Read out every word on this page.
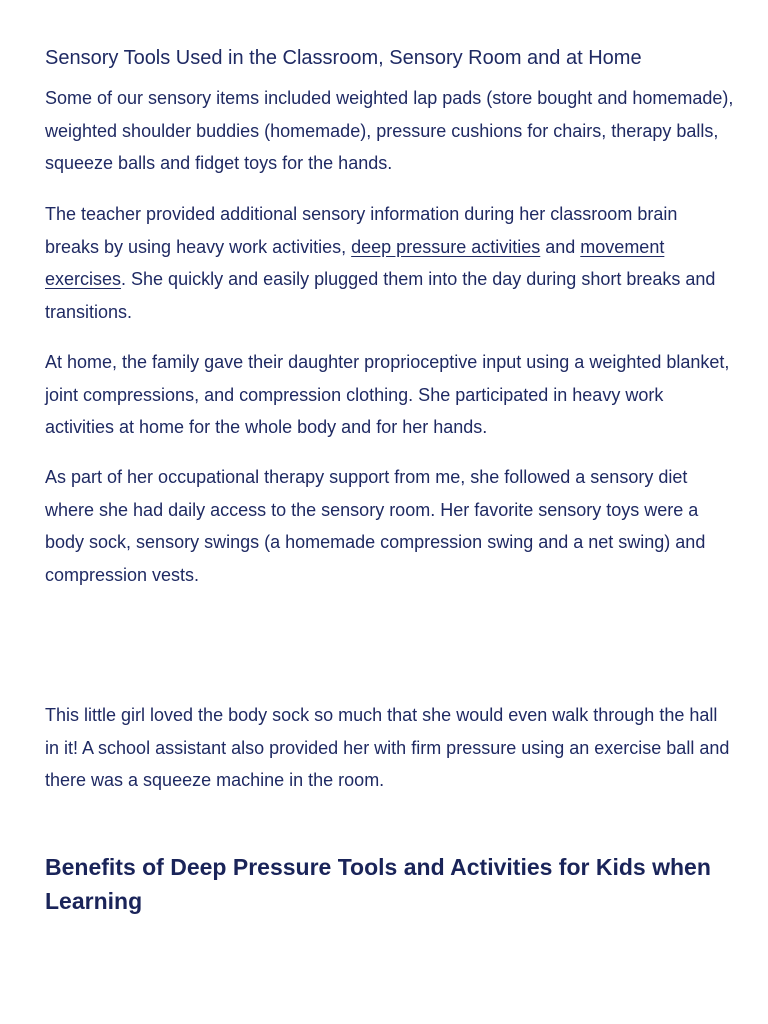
Sensory Tools Used in the Classroom, Sensory Room and at Home

Some of our sensory items included weighted lap pads (store bought and homemade), weighted shoulder buddies (homemade), pressure cushions for chairs, therapy balls, squeeze balls and fidget toys for the hands.

The teacher provided additional sensory information during her classroom brain breaks by using heavy work activities, deep pressure activities and movement exercises. She quickly and easily plugged them into the day during short breaks and transitions.

At home, the family gave their daughter proprioceptive input using a weighted blanket, joint compressions, and compression clothing. She participated in heavy work activities at home for the whole body and for her hands.

As part of her occupational therapy support from me, she followed a sensory diet where she had daily access to the sensory room. Her favorite sensory toys were a body sock, sensory swings (a homemade compression swing and a net swing) and compression vests.

This little girl loved the body sock so much that she would even walk through the hall in it! A school assistant also provided her with firm pressure using an exercise ball and there was a squeeze machine in the room.

Benefits of Deep Pressure Tools and Activities for Kids when Learning
